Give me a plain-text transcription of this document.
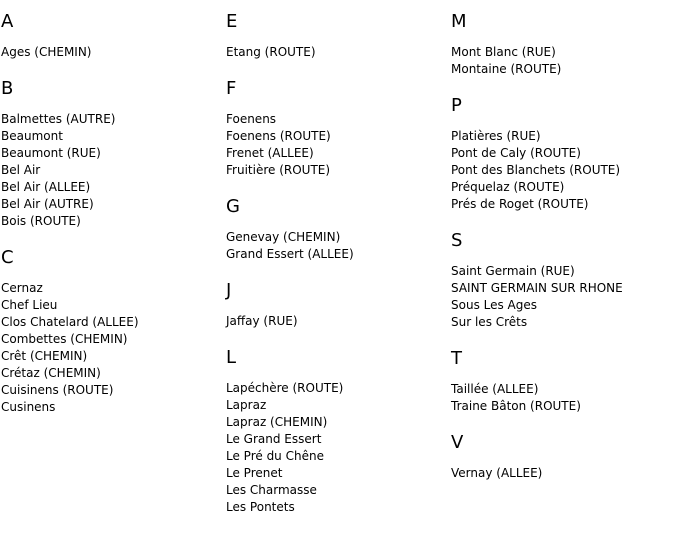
A
Ages (CHEMIN)
B
Balmettes (AUTRE)
Beaumont
Beaumont (RUE)
Bel Air
Bel Air (ALLEE)
Bel Air (AUTRE)
Bois (ROUTE)
C
Cernaz
Chef Lieu
Clos Chatelard (ALLEE)
Combettes (CHEMIN)
Crêt (CHEMIN)
Crétaz (CHEMIN)
Cuisinens (ROUTE)
Cusinens
E
Etang (ROUTE)
F
Foenens
Foenens (ROUTE)
Frenet (ALLEE)
Fruitière (ROUTE)
G
Genevay (CHEMIN)
Grand Essert (ALLEE)
J
Jaffay (RUE)
L
Lapéchère (ROUTE)
Lapraz
Lapraz (CHEMIN)
Le Grand Essert
Le Pré du Chêne
Le Prenet
Les Charmasse
Les Pontets
M
Mont Blanc (RUE)
Montaine (ROUTE)
P
Platières (RUE)
Pont de Caly (ROUTE)
Pont des Blanchets (ROUTE)
Préquelaz (ROUTE)
Prés de Roget (ROUTE)
S
Saint Germain (RUE)
SAINT GERMAIN SUR RHONE
Sous Les Ages
Sur les Crêts
T
Taillée (ALLEE)
Traine Bâton (ROUTE)
V
Vernay (ALLEE)
